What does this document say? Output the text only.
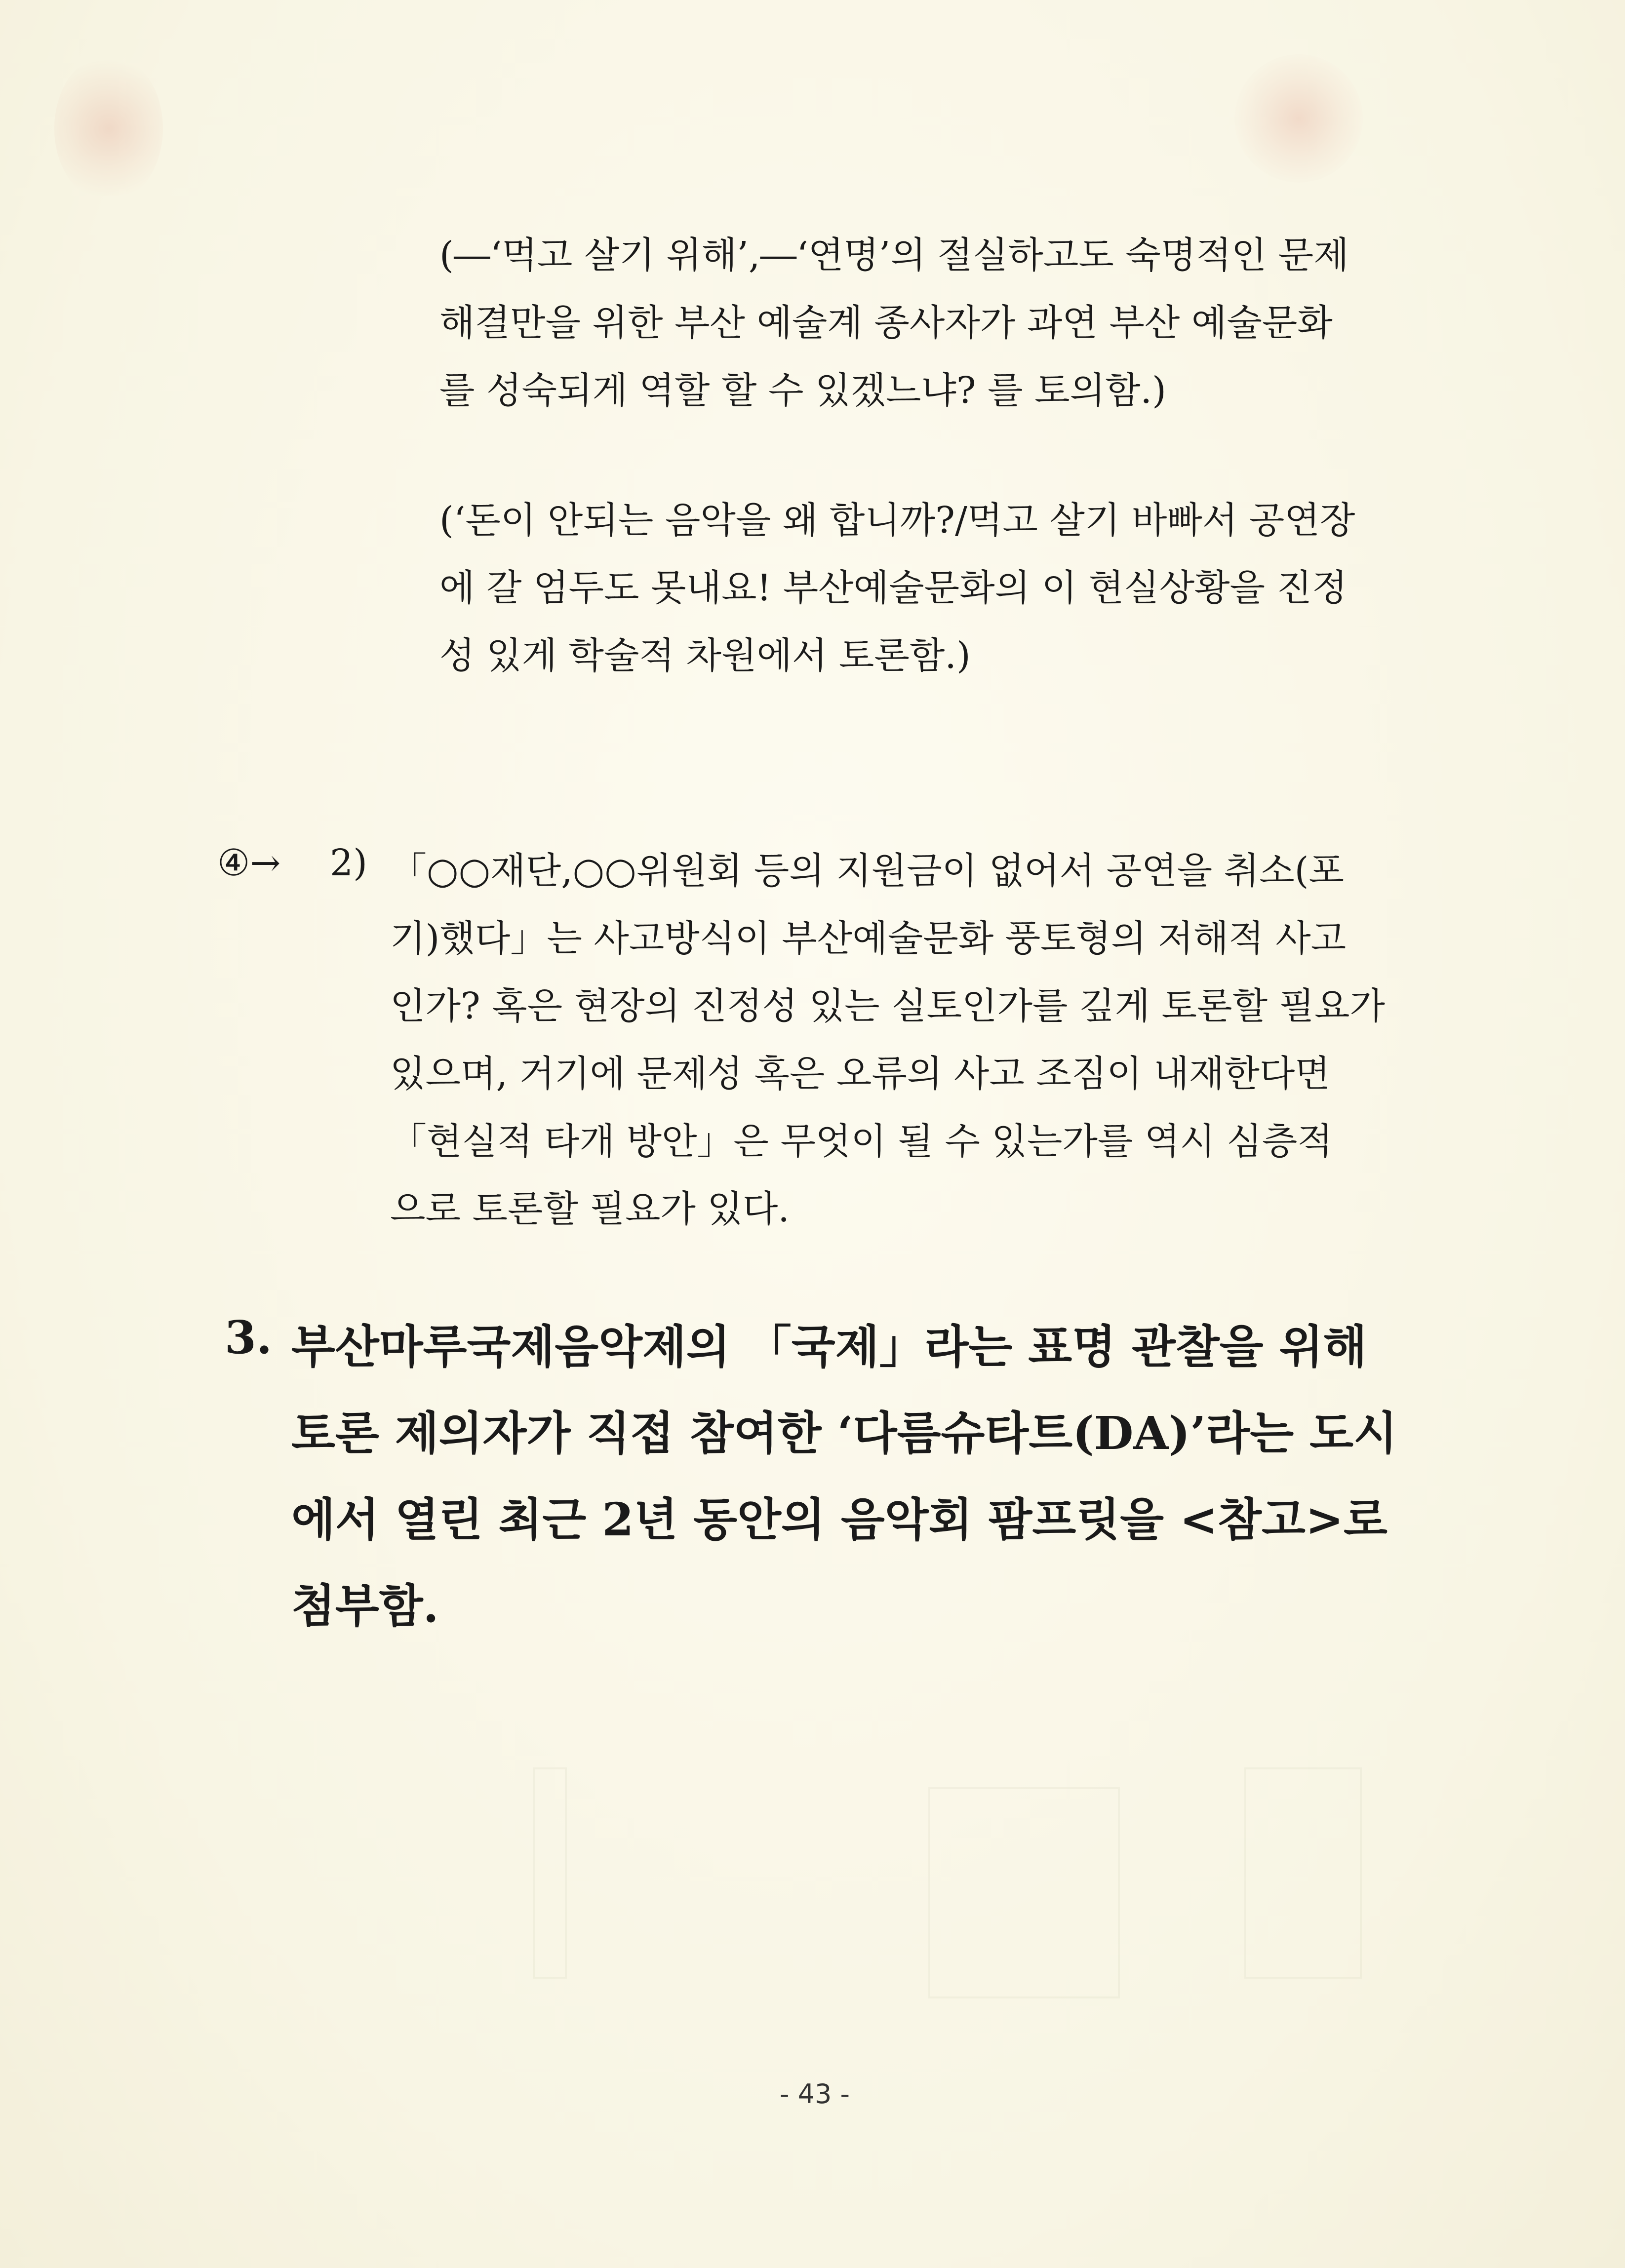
(―‘먹고 살기 위해’,―‘연명’의 절실하고도 숙명적인 문제
해결만을 위한 부산 예술계 종사자가 과연 부산 예술문화
를 성숙되게 역할 할 수 있겠느냐? 를 토의함.)
(‘돈이 안되는 음악을 왜 합니까?/먹고 살기 바빠서 공연장
에 갈 엄두도 못내요! 부산예술문화의 이 현실상황을 진정
성 있게 학술적 차원에서 토론함.)
④→ 2) 「○○재단,○○위원회 등의 지원금이 없어서 공연을 취소(포
기)했다」는 사고방식이 부산예술문화 풍토형의 저해적 사고
인가? 혹은 현장의 진정성 있는 실토인가를 깊게 토론할 필요가
있으며, 거기에 문제성 혹은 오류의 사고 조짐이 내재한다면
「현실적 타개 방안」은 무엇이 될 수 있는가를 역시 심층적
으로 토론할 필요가 있다.
3. 부산마루국제음악제의 「국제」라는 표명 관찰을 위해
토론 제의자가 직접 참여한 ‘다름슈타트(DA)’라는 도시
에서 열린 최근 2년 동안의 음악회 팜프릿을 <참고>로
첨부함.
- 43 -
